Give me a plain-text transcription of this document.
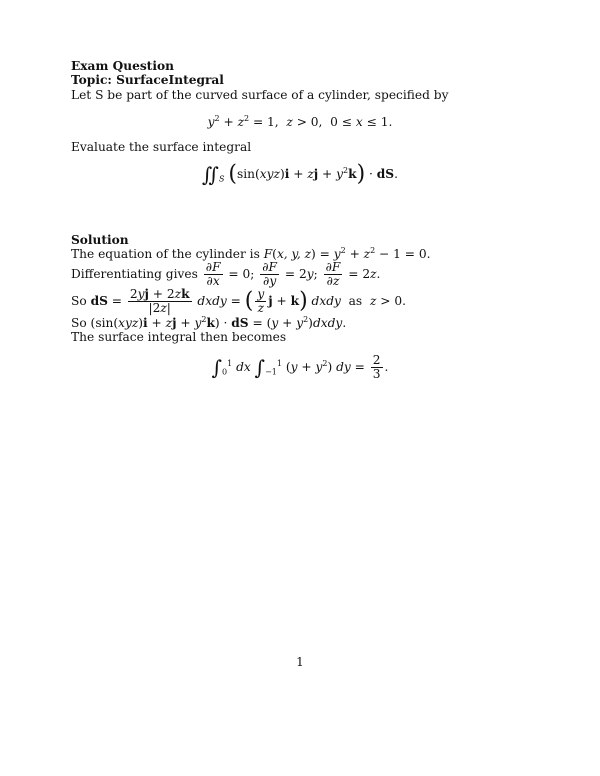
Exam Question
Topic: SurfaceIntegral
Let S be part of the curved surface of a cylinder, specified by
$y^2 + z^2 = 1$,  z > 0,  0 ≤ x ≤ 1.
Evaluate the surface integral
$∬_S$ (sin(xyz)i + zj + $y^2k$) · dS.
Solution
The equation of the cylinder is F(x, y, $z) = y^2 + z^2 - 1 = 0$.
Differentiating gives $\frac{\partial F}{\partial x} = 0$; $\frac{\partial F}{\partial y} = 2y$; $\frac{\partial F}{\partial z} = 2z$.
So dS = $\frac{2yj + 2zk}{|2z|}$ dxdy = ( $\frac{y}{z}$ j + k) dxdy  as  z > 0.
So (sin(xyz)i + zj + $y^2k$) · dS = $(y + y^2)dxdy$.
The surface integral then becomes
$\int_0^1$ dx $\int_{-1}^1$ $(y + y^2)$ dy = $\frac{2}{3}$ .
1
